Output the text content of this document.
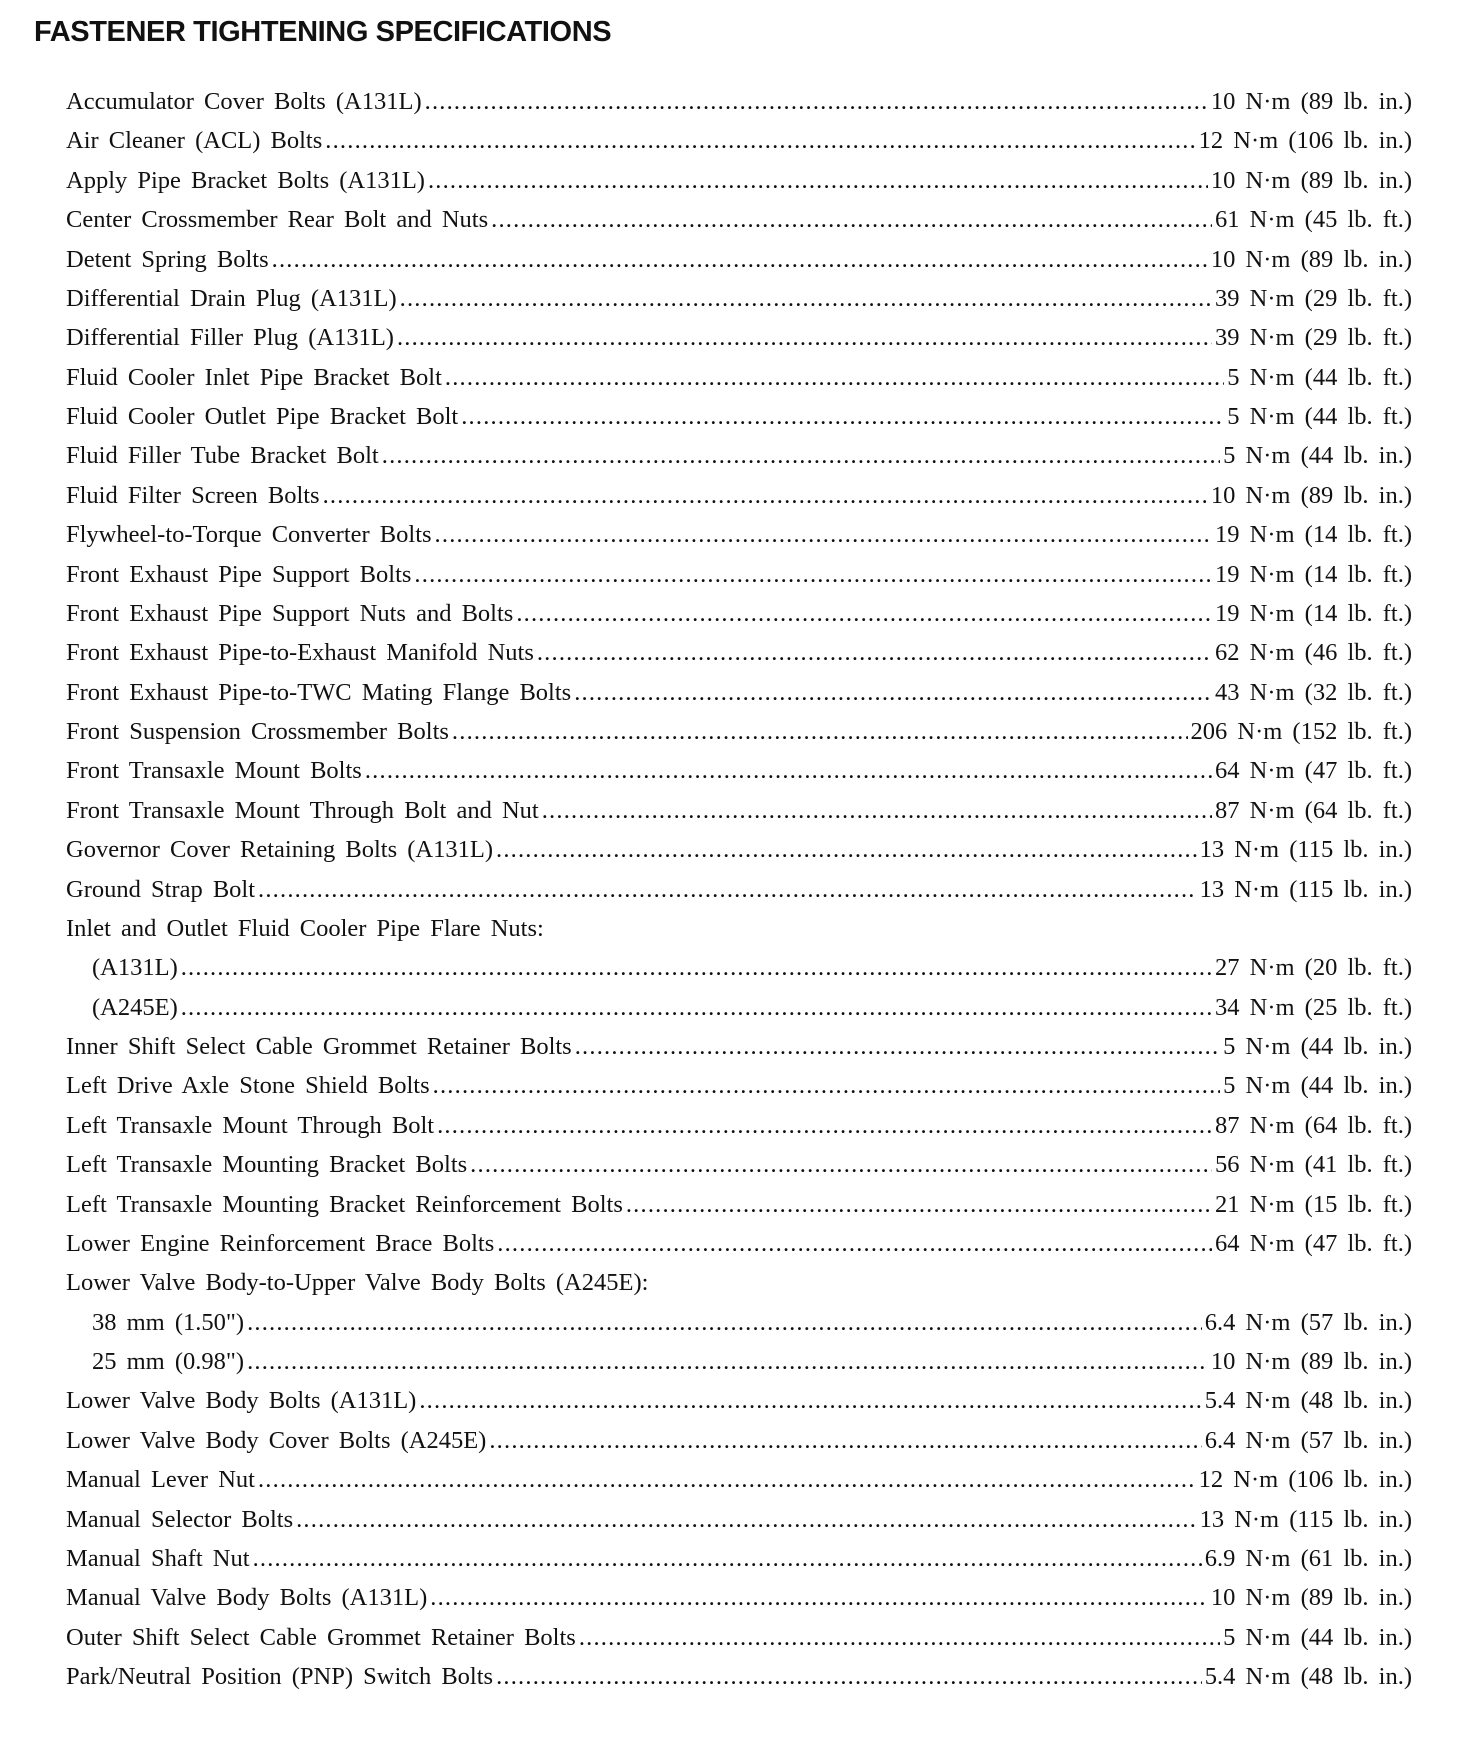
FASTENER TIGHTENING SPECIFICATIONS
Accumulator Cover Bolts (A131L) .....	10 N·m (89 lb. in.)
Air Cleaner (ACL) Bolts .....	12 N·m (106 lb. in.)
Apply Pipe Bracket Bolts (A131L) .....	10 N·m (89 lb. in.)
Center Crossmember Rear Bolt and Nuts .....	61 N·m (45 lb. ft.)
Detent Spring Bolts .....	10 N·m (89 lb. in.)
Differential Drain Plug (A131L) .....	39 N·m (29 lb. ft.)
Differential Filler Plug (A131L) .....	39 N·m (29 lb. ft.)
Fluid Cooler Inlet Pipe Bracket Bolt .....	5 N·m (44 lb. ft.)
Fluid Cooler Outlet Pipe Bracket Bolt .....	5 N·m (44 lb. ft.)
Fluid Filler Tube Bracket Bolt .....	5 N·m (44 lb. in.)
Fluid Filter Screen Bolts .....	10 N·m (89 lb. in.)
Flywheel-to-Torque Converter Bolts .....	19 N·m (14 lb. ft.)
Front Exhaust Pipe Support Bolts .....	19 N·m (14 lb. ft.)
Front Exhaust Pipe Support Nuts and Bolts .....	19 N·m (14 lb. ft.)
Front Exhaust Pipe-to-Exhaust Manifold Nuts .....	62 N·m (46 lb. ft.)
Front Exhaust Pipe-to-TWC Mating Flange Bolts .....	43 N·m (32 lb. ft.)
Front Suspension Crossmember Bolts .....	206 N·m (152 lb. ft.)
Front Transaxle Mount Bolts .....	64 N·m (47 lb. ft.)
Front Transaxle Mount Through Bolt and Nut .....	87 N·m (64 lb. ft.)
Governor Cover Retaining Bolts (A131L) .....	13 N·m (115 lb. in.)
Ground Strap Bolt .....	13 N·m (115 lb. in.)
Inlet and Outlet Fluid Cooler Pipe Flare Nuts:
(A131L) .....	27 N·m (20 lb. ft.)
(A245E) .....	34 N·m (25 lb. ft.)
Inner Shift Select Cable Grommet Retainer Bolts .....	5 N·m (44 lb. in.)
Left Drive Axle Stone Shield Bolts .....	5 N·m (44 lb. in.)
Left Transaxle Mount Through Bolt .....	87 N·m (64 lb. ft.)
Left Transaxle Mounting Bracket Bolts .....	56 N·m (41 lb. ft.)
Left Transaxle Mounting Bracket Reinforcement Bolts .....	21 N·m (15 lb. ft.)
Lower Engine Reinforcement Brace Bolts .....	64 N·m (47 lb. ft.)
Lower Valve Body-to-Upper Valve Body Bolts (A245E):
38 mm (1.50") .....	6.4 N·m (57 lb. in.)
25 mm (0.98") .....	10 N·m (89 lb. in.)
Lower Valve Body Bolts (A131L) .....	5.4 N·m (48 lb. in.)
Lower Valve Body Cover Bolts (A245E) .....	6.4 N·m (57 lb. in.)
Manual Lever Nut .....	12 N·m (106 lb. in.)
Manual Selector Bolts .....	13 N·m (115 lb. in.)
Manual Shaft Nut .....	6.9 N·m (61 lb. in.)
Manual Valve Body Bolts (A131L) .....	10 N·m (89 lb. in.)
Outer Shift Select Cable Grommet Retainer Bolts .....	5 N·m (44 lb. in.)
Park/Neutral Position (PNP) Switch Bolts .....	5.4 N·m (48 lb. in.)
